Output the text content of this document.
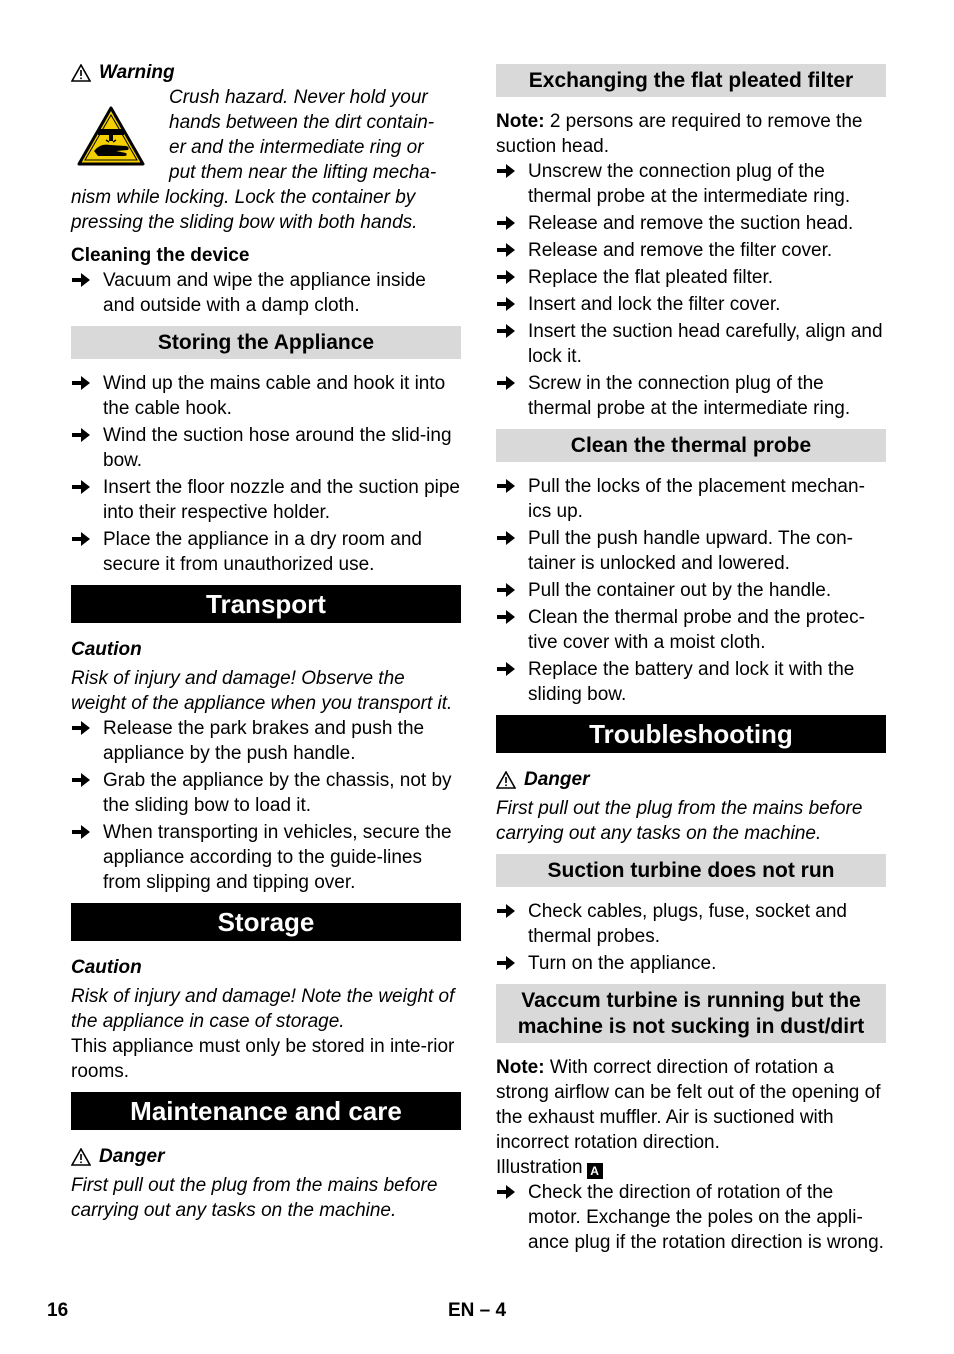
Warning

Crush hazard. Never hold your

hands between the dirt contain-

er and the intermediate ring or

put them near the lifting mecha-

nism while locking. Lock the container by

pressing the sliding bow with both hands.

Cleaning the device

Vacuum and wipe the appliance inside and outside with a damp cloth.
Storing the Appliance
Wind up the mains cable and hook it into the cable hook.
Wind the suction hose around the slid-ing bow.
Insert the floor nozzle and the suction pipe into their respective holder.
Place the appliance in a dry room and secure it from unauthorized use.
Transport

Caution

Risk of injury and damage! Observe the weight of the appliance when you transport it.

Release the park brakes and push the appliance by the push handle.
Grab the appliance by the chassis, not by the sliding bow to load it.
When transporting in vehicles, secure the appliance according to the guide-lines from slipping and tipping over.
Storage

Caution

Risk of injury and damage! Note the weight of the appliance in case of storage.

This appliance must only be stored in inte-rior rooms.

Maintenance and care
Danger

First pull out the plug from the mains before carrying out any tasks on the machine.

Exchanging the flat pleated filter

Note: 2 persons are required to remove the suction head.

Unscrew the connection plug of the thermal probe at the intermediate ring.
Release and remove the suction head.
Release and remove the filter cover.
Replace the flat pleated filter.
Insert and lock the filter cover.
Insert the suction head carefully, align and lock it.
Screw in the connection plug of the thermal probe at the intermediate ring.
Clean the thermal probe
Pull the locks of the placement mechan-ics up.
Pull the push handle upward. The con-tainer is unlocked and lowered.
Pull the container out by the handle.
Clean the thermal probe and the protec-tive cover with a moist cloth.
Replace the battery and lock it with the sliding bow.
Troubleshooting
Danger

First pull out the plug from the mains before carrying out any tasks on the machine.

Suction turbine does not run
Check cables, plugs, fuse, socket and thermal probes.
Turn on the appliance.
Vaccum turbine is running but the
machine is not sucking in dust/dirt

Note: With correct direction of rotation a strong airflow can be felt out of the opening of the exhaust muffler. Air is suctioned with incorrect rotation direction.

Illustration A

Check the direction of rotation of the motor. Exchange the poles on the appli-ance plug if the rotation direction is wrong.
16	EN – 4
